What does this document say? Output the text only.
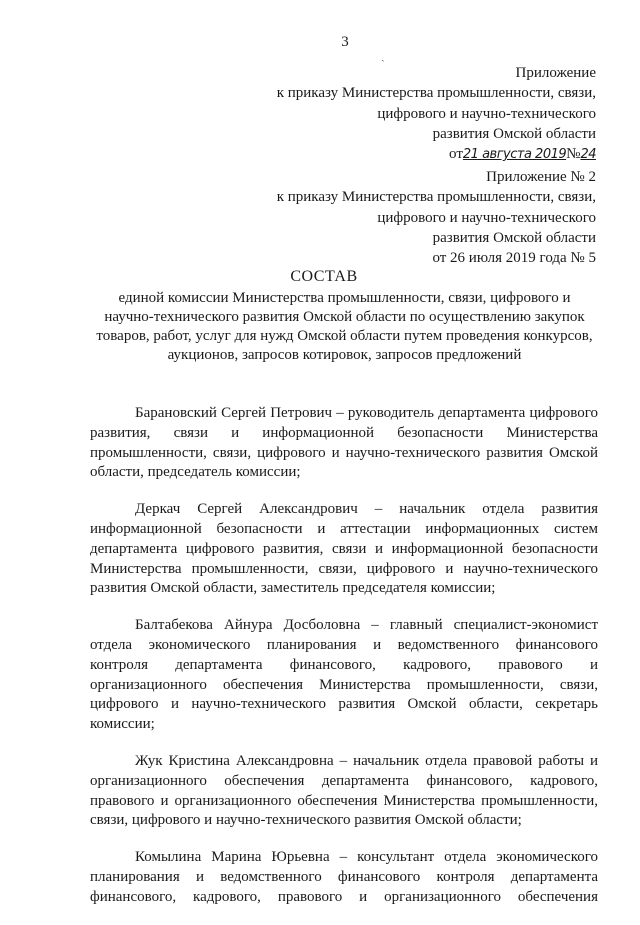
3
ˎ
Приложение
к приказу Министерства промышленности, связи,
цифрового и научно-технического
развития Омской области
от21 августа 2019№24
Приложение № 2
к приказу Министерства промышленности, связи,
цифрового и научно-технического
развития Омской области
от 26 июля 2019 года № 5
СОСТАВ
единой комиссии Министерства промышленности, связи, цифрового и
научно-технического развития Омской области по осуществлению закупок
товаров, работ, услуг для нужд Омской области путем проведения конкурсов,
аукционов, запросов котировок, запросов предложений
Барановский Сергей Петрович – руководитель департамента цифрового
развития, связи и информационной безопасности Министерства
промышленности, связи, цифрового и научно-технического развития Омской
области, председатель комиссии;
Деркач Сергей Александрович – начальник отдела развития
информационной безопасности и аттестации информационных систем
департамента цифрового развития, связи и информационной безопасности
Министерства промышленности, связи, цифрового и научно-технического
развития Омской области, заместитель председателя комиссии;
Балтабекова Айнура Досболовна – главный специалист-экономист
отдела экономического планирования и ведомственного финансового
контроля департамента финансового, кадрового, правового и
организационного обеспечения Министерства промышленности, связи,
цифрового и научно-технического развития Омской области, секретарь
комиссии;
Жук Кристина Александровна – начальник отдела правовой работы и
организационного обеспечения департамента финансового, кадрового,
правового и организационного обеспечения Министерства промышленности,
связи, цифрового и научно-технического развития Омской области;
Комылина Марина Юрьевна – консультант отдела экономического
планирования и ведомственного финансового контроля департамента
финансового, кадрового, правового и организационного обеспечения
